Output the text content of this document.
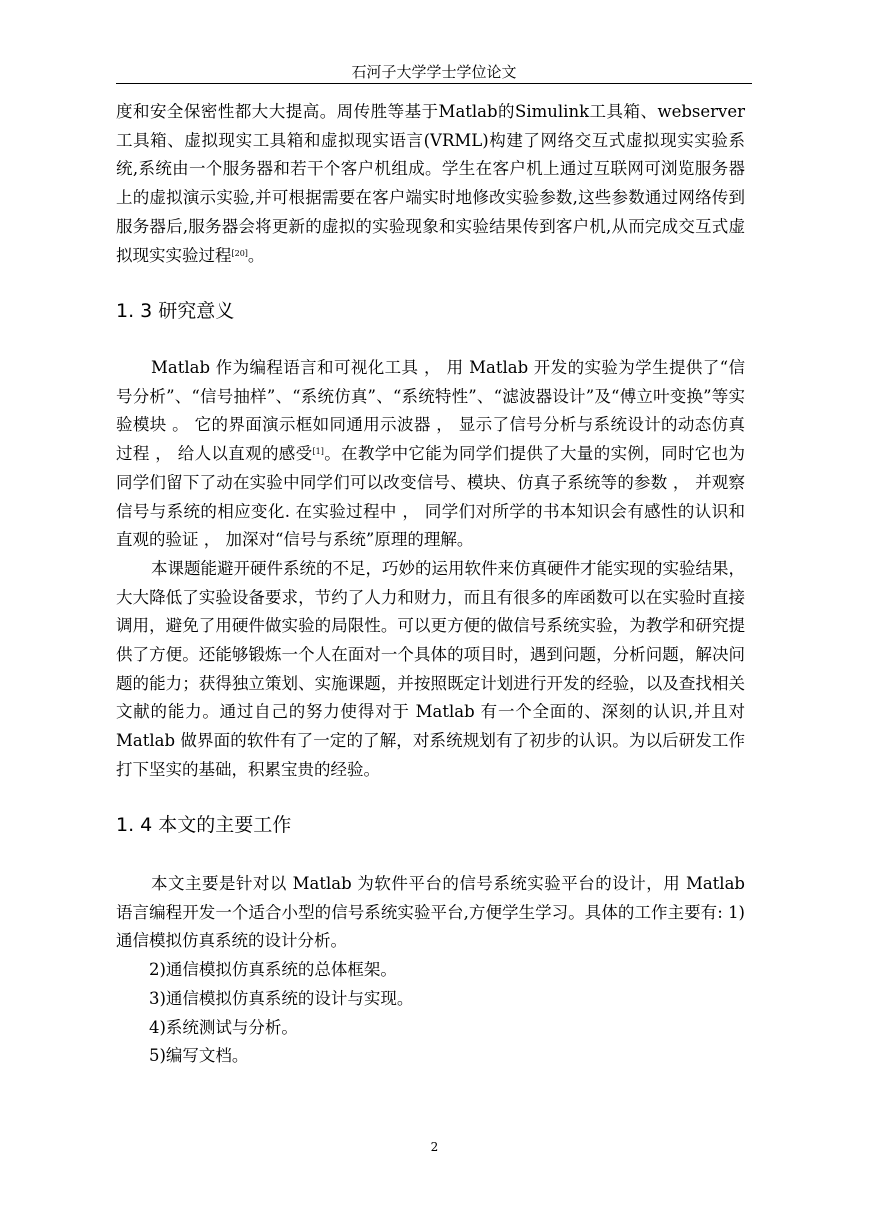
石河子大学学士学位论文

度和安全保密性都大大提高。周传胜等基于Matlab的Simulink工具箱、webserver工具箱、虚拟现实工具箱和虚拟现实语言(VRML)构建了网络交互式虚拟现实实验系统,系统由一个服务器和若干个客户机组成。学生在客户机上通过互联网可浏览服务器上的虚拟演示实验,并可根据需要在客户端实时地修改实验参数,这些参数通过网络传到服务器后,服务器会将更新的虚拟的实验现象和实验结果传到客户机,从而完成交互式虚拟现实实验过程[20]。

1. 3 研究意义

Matlab 作为编程语言和可视化工具 ， 用 Matlab 开发的实验为学生提供了“信号分析”、“信号抽样”、“系统仿真”、“系统特性”、“滤波器设计”及“傅立叶变换”等实验模块 。 它的界面演示框如同通用示波器 ， 显示了信号分析与系统设计的动态仿真过程 ， 给人以直观的感受[1]。在教学中它能为同学们提供了大量的实例，同时它也为同学们留下了动在实验中同学们可以改变信号、模块、仿真子系统等的参数 ， 并观察信号与系统的相应变化. 在实验过程中 ， 同学们对所学的书本知识会有感性的认识和直观的验证 ， 加深对“信号与系统”原理的理解。

本课题能避开硬件系统的不足，巧妙的运用软件来仿真硬件才能实现的实验结果，大大降低了实验设备要求，节约了人力和财力，而且有很多的库函数可以在实验时直接调用，避免了用硬件做实验的局限性。可以更方便的做信号系统实验，为教学和研究提供了方便。还能够锻炼一个人在面对一个具体的项目时，遇到问题，分析问题，解决问题的能力；获得独立策划、实施课题，并按照既定计划进行开发的经验，以及查找相关文献的能力。通过自己的努力使得对于 Matlab 有一个全面的、深刻的认识,并且对 Matlab 做界面的软件有了一定的了解，对系统规划有了初步的认识。为以后研发工作打下坚实的基础，积累宝贵的经验。

1. 4 本文的主要工作

本文主要是针对以 Matlab 为软件平台的信号系统实验平台的设计，用 Matlab 语言编程开发一个适合小型的信号系统实验平台,方便学生学习。具体的工作主要有: 1)通信模拟仿真系统的设计分析。

2)通信模拟仿真系统的总体框架。

3)通信模拟仿真系统的设计与实现。

4)系统测试与分析。

5)编写文档。

2
